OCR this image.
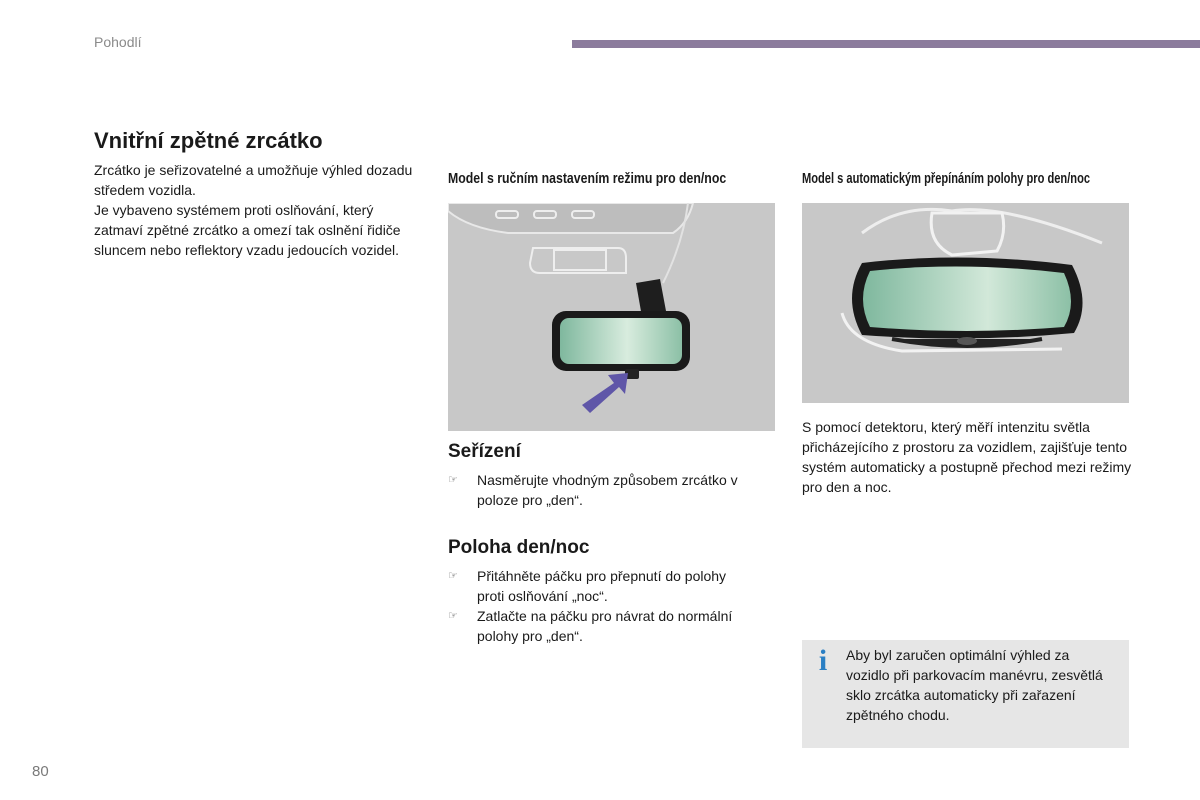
Pohodlí
Vnitřní zpětné zrcátko

Zrcátko je seřizovatelné a umožňuje výhled dozadu středem vozidla.
Je vybaveno systémem proti oslňování, který zatmaví zpětné zrcátko a omezí tak oslnění řidiče sluncem nebo reflektory vzadu jedoucích vozidel.

Model s ručním nastavením režimu pro den/noc	Model s automatickým přepínáním polohy pro den/noc
Seřízení
☞	Nasměrujte vhodným způsobem zrcátko v poloze pro „den“.
Poloha den/noc
☞	Přitáhněte páčku pro přepnutí do polohy proti oslňování „noc“.
☞	Zatlačte na páčku pro návrat do normální polohy pro „den“.

S pomocí detektoru, který měří intenzitu světla přicházejícího z prostoru za vozidlem, zajišťuje tento systém automaticky a postupně přechod mezi režimy pro den a noc.

i Aby byl zaručen optimální výhled za vozidlo při parkovacím manévru, zesvětlá sklo zrcátka automaticky při zařazení zpětného chodu.
80
